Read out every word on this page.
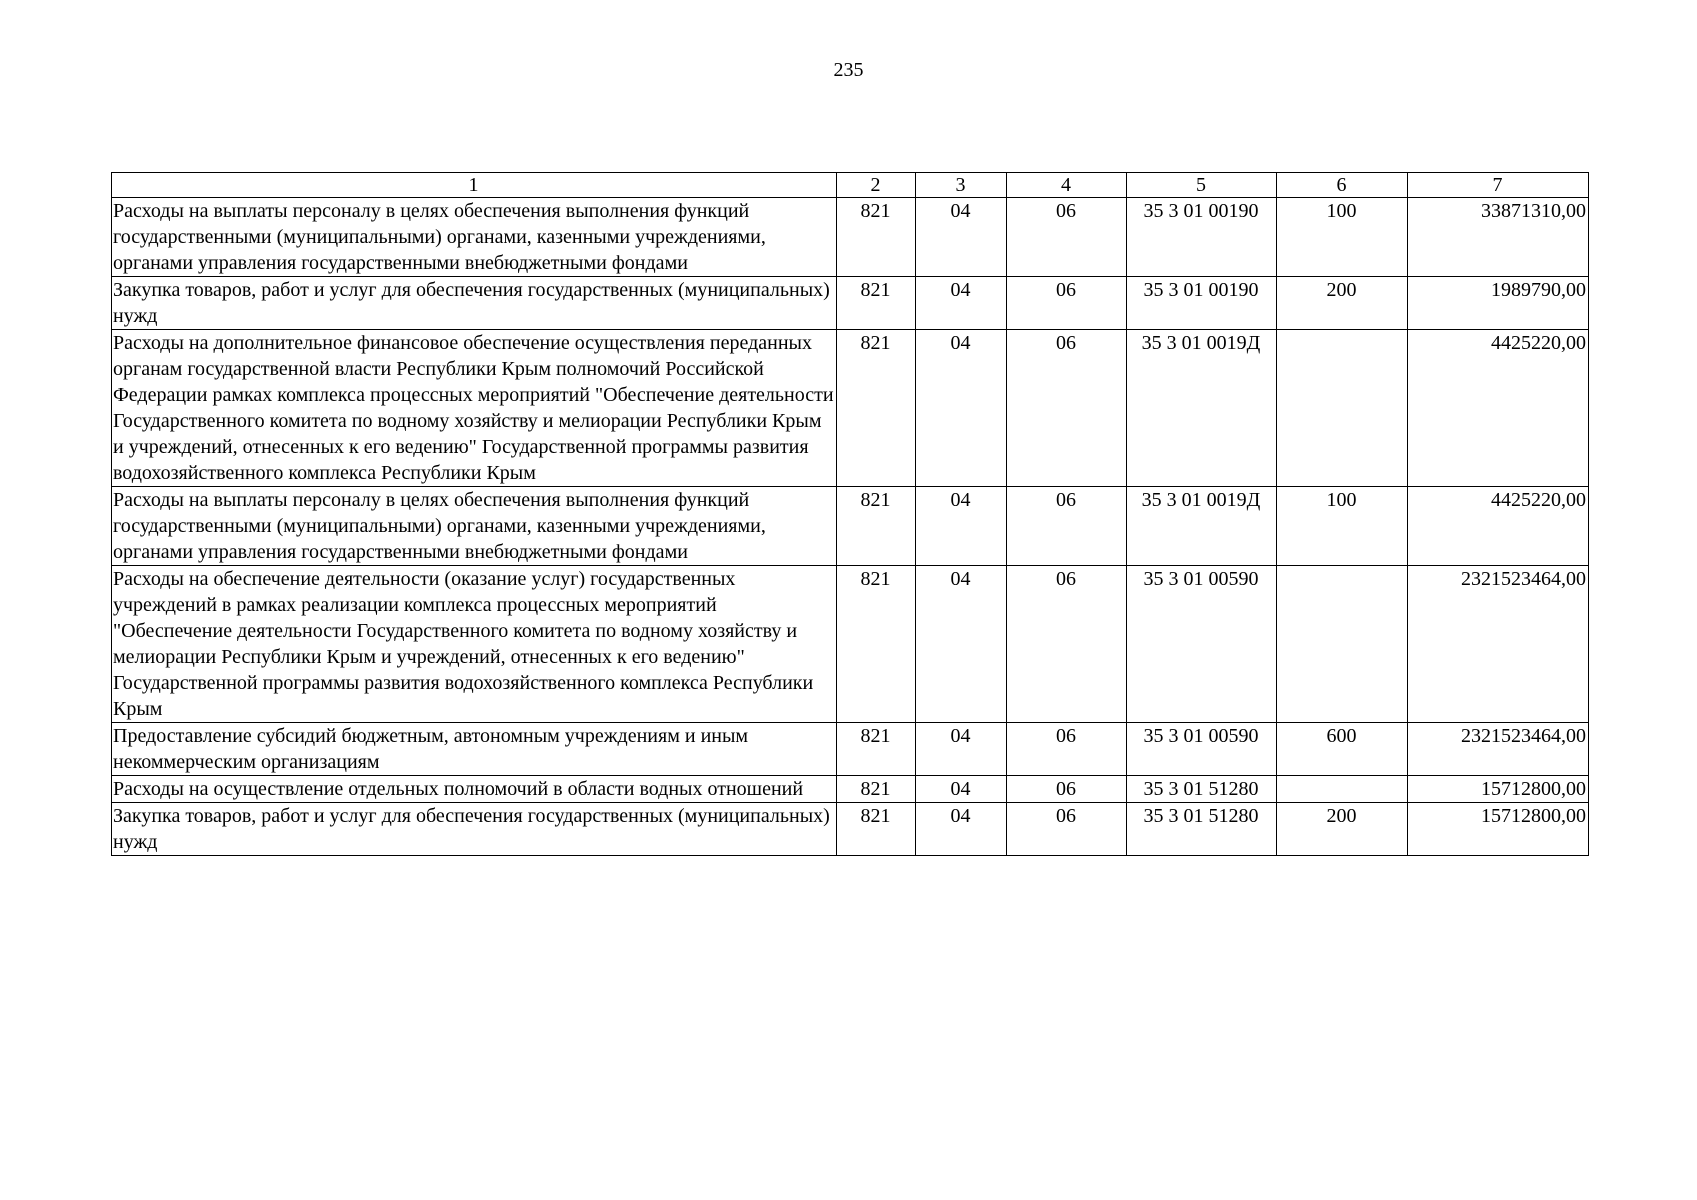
235
1	2	3	4	5	6	7
Расходы на выплаты персоналу в целях обеспечения выполнения функций государственными (муниципальными) органами, казенными учреждениями, органами управления государственными внебюджетными фондами	821	04	06	35 3 01 00190	100	33871310,00
Закупка товаров, работ и услуг для обеспечения государственных (муниципальных) нужд	821	04	06	35 3 01 00190	200	1989790,00
Расходы на дополнительное финансовое обеспечение осуществления переданных органам государственной власти Республики Крым полномочий Российской Федерации рамках комплекса процессных мероприятий "Обеспечение деятельности Государственного комитета по водному хозяйству и мелиорации Республики Крым и учреждений, отнесенных к его ведению" Государственной программы развития водохозяйственного комплекса Республики Крым	821	04	06	35 3 01 0019Д		4425220,00
Расходы на выплаты персоналу в целях обеспечения выполнения функций государственными (муниципальными) органами, казенными учреждениями, органами управления государственными внебюджетными фондами	821	04	06	35 3 01 0019Д	100	4425220,00
Расходы на обеспечение деятельности (оказание услуг) государственных учреждений в рамках реализации комплекса процессных мероприятий "Обеспечение деятельности Государственного комитета по водному хозяйству и мелиорации Республики Крым и учреждений, отнесенных к его ведению" Государственной программы развития водохозяйственного комплекса Республики Крым	821	04	06	35 3 01 00590		2321523464,00
Предоставление субсидий бюджетным, автономным учреждениям и иным некоммерческим организациям	821	04	06	35 3 01 00590	600	2321523464,00
Расходы на осуществление отдельных полномочий в области водных отношений	821	04	06	35 3 01 51280		15712800,00
Закупка товаров, работ и услуг для обеспечения государственных (муниципальных) нужд	821	04	06	35 3 01 51280	200	15712800,00
